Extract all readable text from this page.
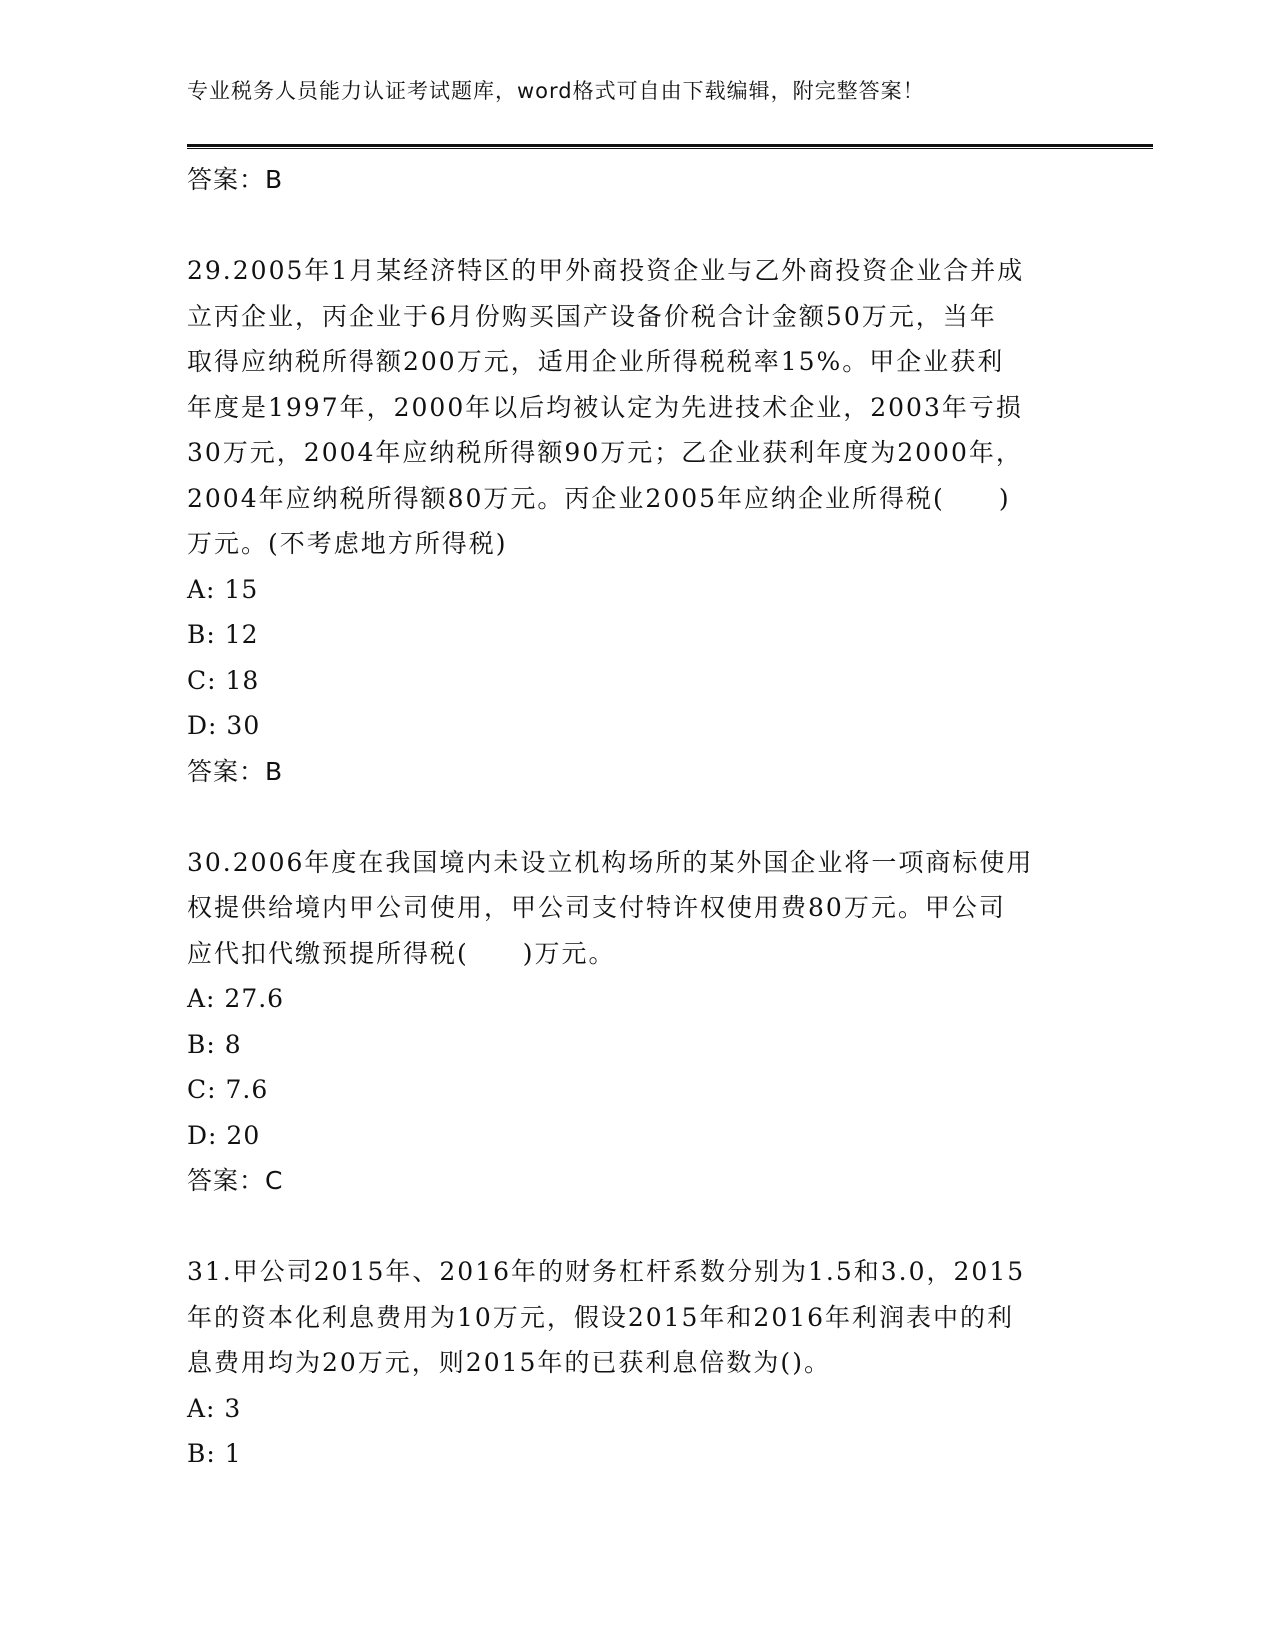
专业税务人员能力认证考试题库，word格式可自由下载编辑，附完整答案！
答案：B
29.2005年1月某经济特区的甲外商投资企业与乙外商投资企业合并成
立丙企业，丙企业于6月份购买国产设备价税合计金额50万元，当年
取得应纳税所得额200万元，适用企业所得税税率15%。甲企业获利
年度是1997年，2000年以后均被认定为先进技术企业，2003年亏损
30万元，2004年应纳税所得额90万元；乙企业获利年度为2000年，
2004年应纳税所得额80万元。丙企业2005年应纳企业所得税(　　)
万元。(不考虑地方所得税)
A: 15
B: 12
C: 18
D: 30
答案：B
30.2006年度在我国境内未设立机构场所的某外国企业将一项商标使用
权提供给境内甲公司使用，甲公司支付特许权使用费80万元。甲公司
应代扣代缴预提所得税(　　)万元。
A: 27.6
B: 8
C: 7.6
D: 20
答案：C
31.甲公司2015年、2016年的财务杠杆系数分别为1.5和3.0，2015
年的资本化利息费用为10万元，假设2015年和2016年利润表中的利
息费用均为20万元，则2015年的已获利息倍数为()。
A: 3
B: 1
